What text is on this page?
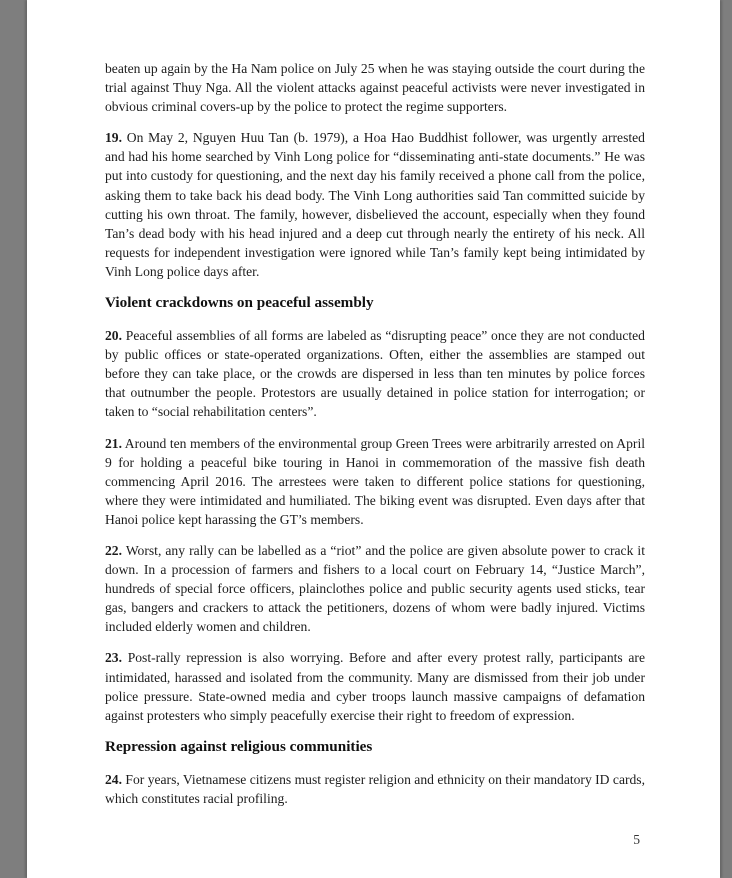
beaten up again by the Ha Nam police on July 25 when he was staying outside the court during the trial against Thuy Nga. All the violent attacks against peaceful activists were never investigated in obvious criminal covers-up by the police to protect the regime supporters.

19. On May 2, Nguyen Huu Tan (b. 1979), a Hoa Hao Buddhist follower, was urgently arrested and had his home searched by Vinh Long police for “disseminating anti-state documents.” He was put into custody for questioning, and the next day his family received a phone call from the police, asking them to take back his dead body. The Vinh Long authorities said Tan committed suicide by cutting his own throat. The family, however, disbelieved the account, especially when they found Tan’s dead body with his head injured and a deep cut through nearly the entirety of his neck. All requests for independent investigation were ignored while Tan’s family kept being intimidated by Vinh Long police days after.

Violent crackdowns on peaceful assembly

20. Peaceful assemblies of all forms are labeled as “disrupting peace” once they are not conducted by public offices or state-operated organizations. Often, either the assemblies are stamped out before they can take place, or the crowds are dispersed in less than ten minutes by police forces that outnumber the people. Protestors are usually detained in police station for interrogation; or taken to “social rehabilitation centers”.

21. Around ten members of the environmental group Green Trees were arbitrarily arrested on April 9 for holding a peaceful bike touring in Hanoi in commemoration of the massive fish death commencing April 2016. The arrestees were taken to different police stations for questioning, where they were intimidated and humiliated. The biking event was disrupted. Even days after that Hanoi police kept harassing the GT’s members.

22. Worst, any rally can be labelled as a “riot” and the police are given absolute power to crack it down. In a procession of farmers and fishers to a local court on February 14, “Justice March”, hundreds of special force officers, plainclothes police and public security agents used sticks, tear gas, bangers and crackers to attack the petitioners, dozens of whom were badly injured. Victims included elderly women and children.

23. Post-rally repression is also worrying. Before and after every protest rally, participants are intimidated, harassed and isolated from the community. Many are dismissed from their job under police pressure. State-owned media and cyber troops launch massive campaigns of defamation against protesters who simply peacefully exercise their right to freedom of expression.

Repression against religious communities

24. For years, Vietnamese citizens must register religion and ethnicity on their mandatory ID cards, which constitutes racial profiling.

5
